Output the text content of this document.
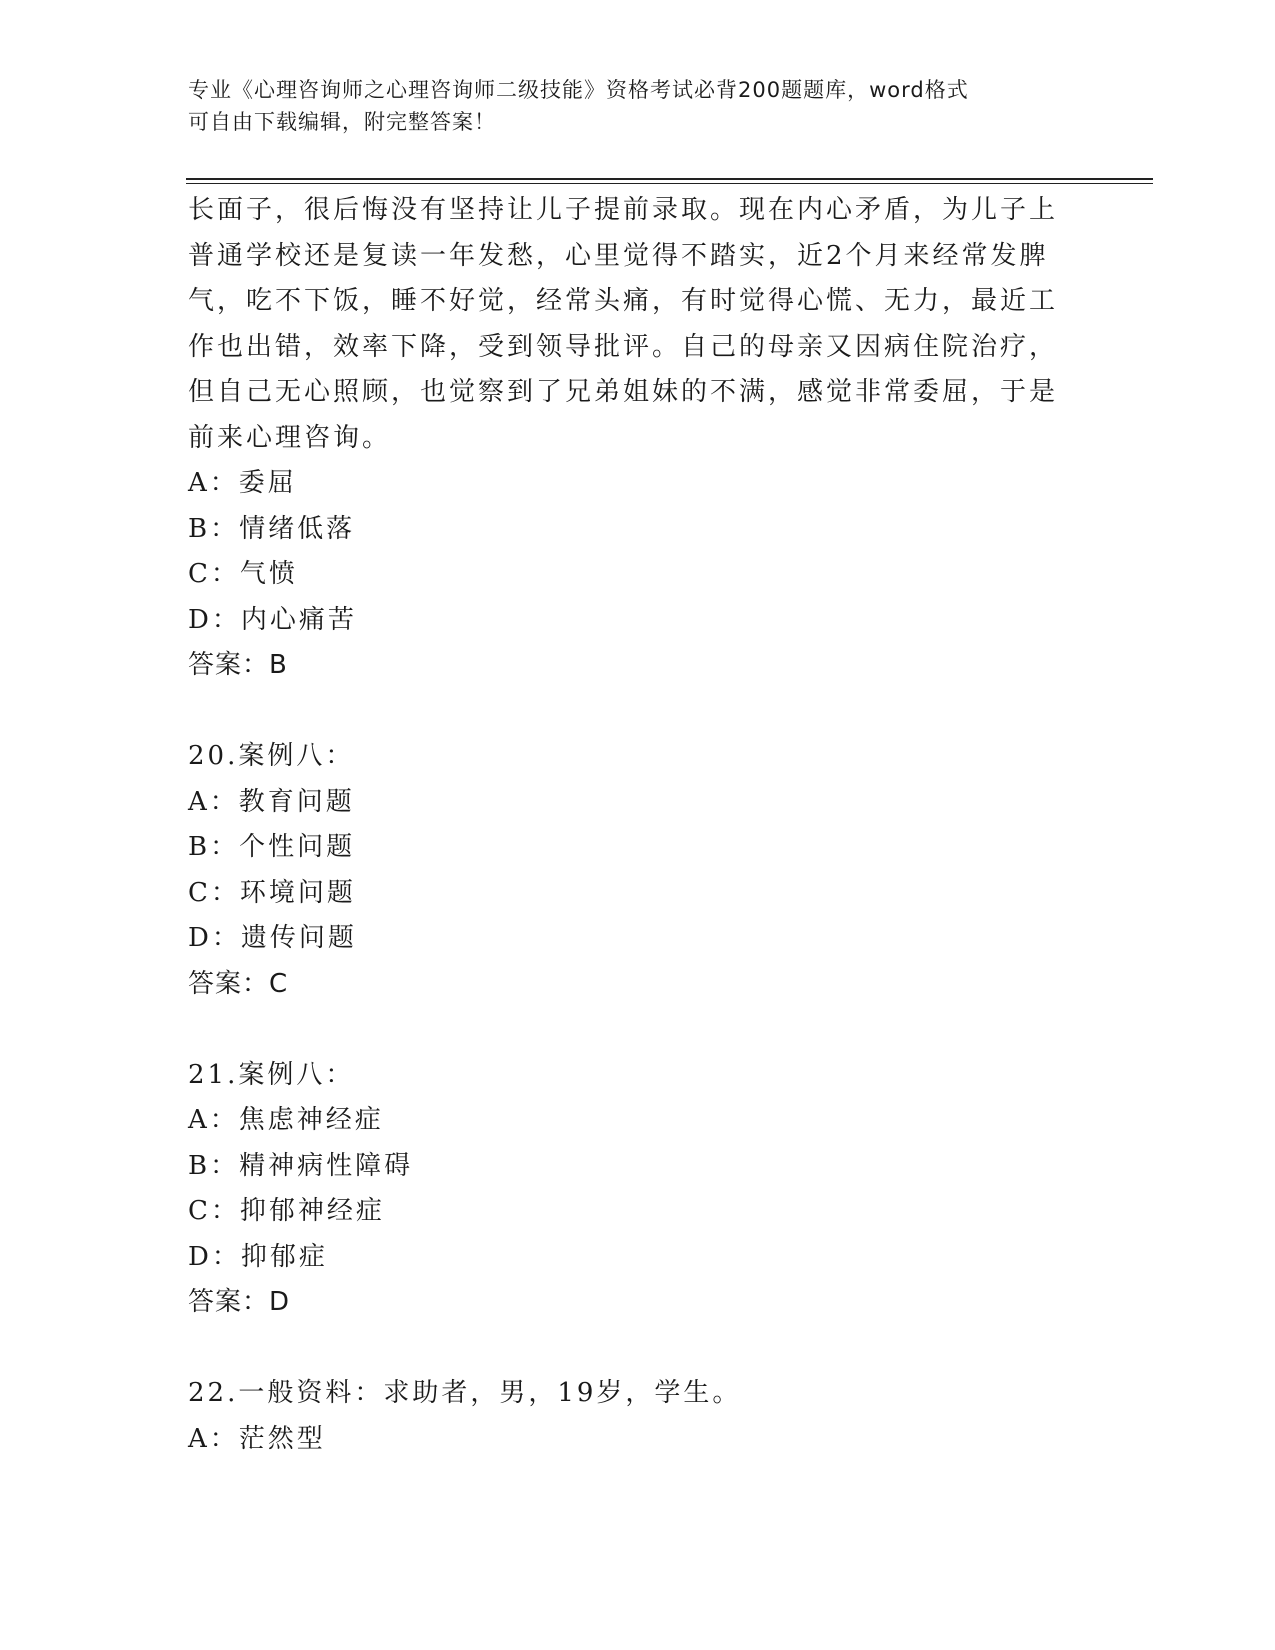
专业《心理咨询师之心理咨询师二级技能》资格考试必背200题题库，word格式
可自由下载编辑，附完整答案！
长面子，很后悔没有坚持让儿子提前录取。现在内心矛盾，为儿子上
普通学校还是复读一年发愁，心里觉得不踏实，近2个月来经常发脾
气，吃不下饭，睡不好觉，经常头痛，有时觉得心慌、无力，最近工
作也出错，效率下降，受到领导批评。自己的母亲又因病住院治疗，
但自己无心照顾，也觉察到了兄弟姐妹的不满，感觉非常委屈，于是
前来心理咨询。
A：委屈
B：情绪低落
C：气愤
D：内心痛苦
答案：B
20.案例八：
A：教育问题
B：个性问题
C：环境问题
D：遗传问题
答案：C
21.案例八：
A：焦虑神经症
B：精神病性障碍
C：抑郁神经症
D：抑郁症
答案：D
22.一般资料：求助者，男，19岁，学生。
A：茫然型
